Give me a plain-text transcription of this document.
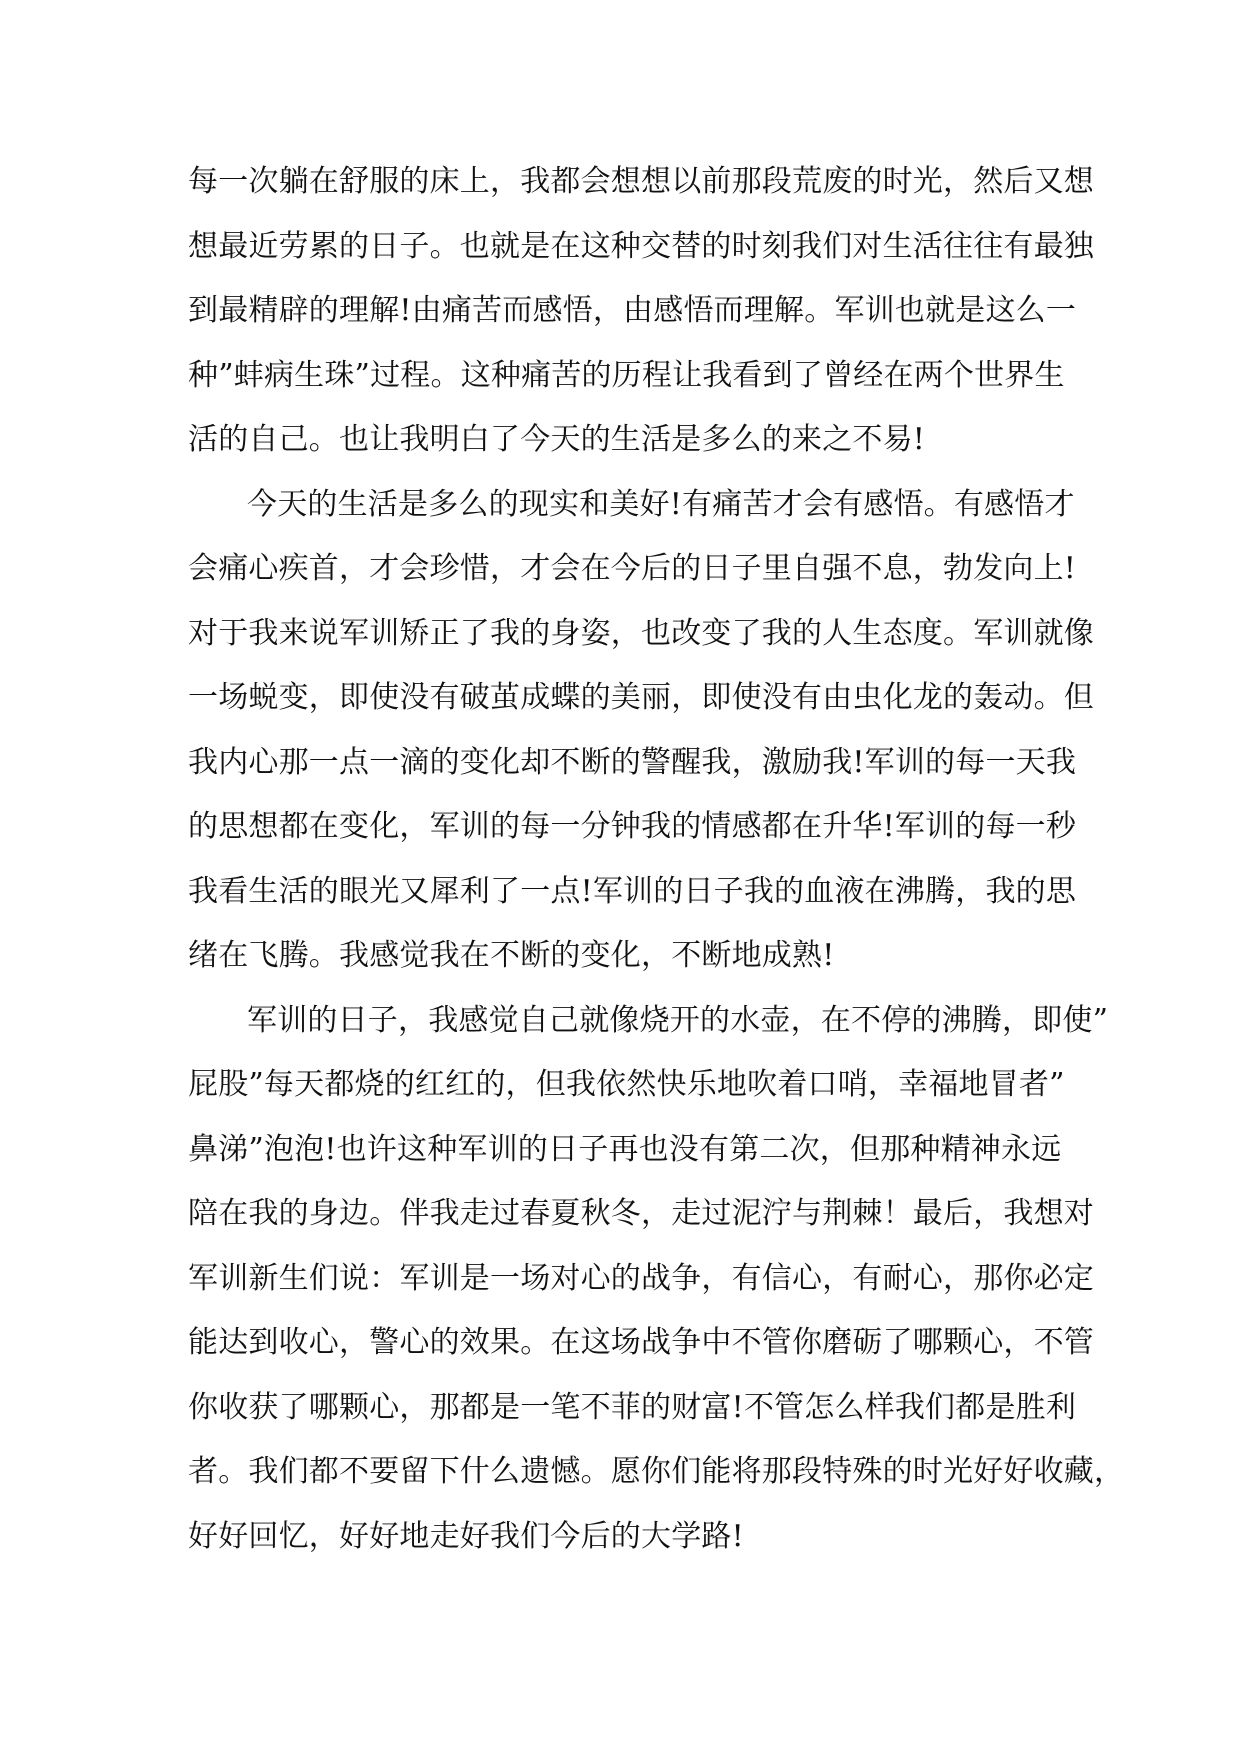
每一次躺在舒服的床上，我都会想想以前那段荒废的时光，然后又想
想最近劳累的日子。也就是在这种交替的时刻我们对生活往往有最独
到最精辟的理解!由痛苦而感悟，由感悟而理解。军训也就是这么一
种”蚌病生珠”过程。这种痛苦的历程让我看到了曾经在两个世界生
活的自己。也让我明白了今天的生活是多么的来之不易!
今天的生活是多么的现实和美好!有痛苦才会有感悟。有感悟才
会痛心疾首，才会珍惜，才会在今后的日子里自强不息，勃发向上!
对于我来说军训矫正了我的身姿，也改变了我的人生态度。军训就像
一场蜕变，即使没有破茧成蝶的美丽，即使没有由虫化龙的轰动。但
我内心那一点一滴的变化却不断的警醒我，激励我!军训的每一天我
的思想都在变化，军训的每一分钟我的情感都在升华!军训的每一秒
我看生活的眼光又犀利了一点!军训的日子我的血液在沸腾，我的思
绪在飞腾。我感觉我在不断的变化，不断地成熟!
军训的日子，我感觉自己就像烧开的水壶，在不停的沸腾，即使”
屁股”每天都烧的红红的，但我依然快乐地吹着口哨，幸福地冒者”
鼻涕”泡泡!也许这种军训的日子再也没有第二次，但那种精神永远
陪在我的身边。伴我走过春夏秋冬，走过泥泞与荆棘！最后，我想对
军训新生们说：军训是一场对心的战争，有信心，有耐心，那你必定
能达到收心，警心的效果。在这场战争中不管你磨砺了哪颗心，不管
你收获了哪颗心，那都是一笔不菲的财富!不管怎么样我们都是胜利
者。我们都不要留下什么遗憾。愿你们能将那段特殊的时光好好收藏，
好好回忆，好好地走好我们今后的大学路!
